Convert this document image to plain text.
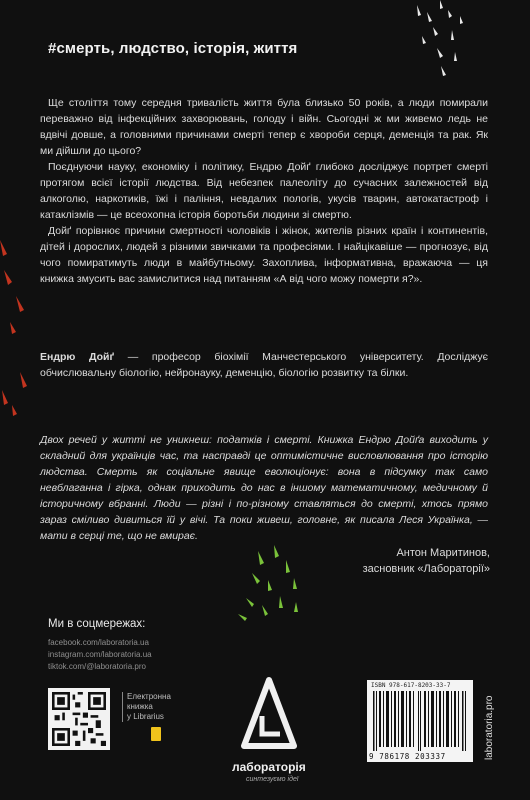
#смерть, людство, історія, життя

Ще століття тому середня тривалість життя була близько 50 років, а люди помирали переважно від інфекційних захворювань, голоду і війн. Сьогодні ж ми живемо ледь не вдвічі довше, а головними причинами смерті тепер є хвороби серця, деменція та рак. Як ми дійшли до цього?

Поєднуючи науку, економіку і політику, Ендрю Дойґ глибоко досліджує портрет смерті протягом всієї історії людства. Від небезпек палеоліту до сучасних залежностей від алкоголю, наркотиків, їжі і паління, невдалих пологів, укусів тварин, автокатастроф і катаклізмів — це всеохопна історія боротьби людини зі смертю.

Дойґ порівнює причини смертності чоловіків і жінок, жителів різних країн і континентів, дітей і дорослих, людей з різними звичками та професіями. І найцікавіше — прогнозує, від чого помиратимуть люди в майбутньому. Захоплива, інформативна, вражаюча — ця книжка змусить вас замислитися над питанням «А від чого можу померти я?».

Ендрю Дойґ — професор біохімії Манчестерського університету. Досліджує обчислювальну біологію, нейронауку, деменцію, біологію розвитку та білки.
Двох речей у житті не уникнеш: податків і смерті. Книжка Ендрю Дойґа виходить у складний для українців час, та насправді це оптимістичне висловлювання про історію людства. Смерть як соціальне явище еволюціонує: вона в підсумку так само невблаганна і гірка, однак приходить до нас в іншому математичному, медичному й історичному вбранні. Люди — різні і по-різному ставляться до смерті, хтось прямо зараз сміливо дивиться їй у вічі. Та поки живеш, головне, як писала Леся Українка, — мати в серці те, що не вмирає.
Антон Маритинов,
засновник «Лабораторії»
Ми в соцмережах:
facebook.com/laboratoria.ua
instagram.com/laboratoria.ua
tiktok.com/@laboratoria.pro
Електронна
книжка
у Librarius
лабораторія
синтезуємо ідеї
ISBN 978-617-8203-33-7
9 786178 203337	laboratoria.pro
